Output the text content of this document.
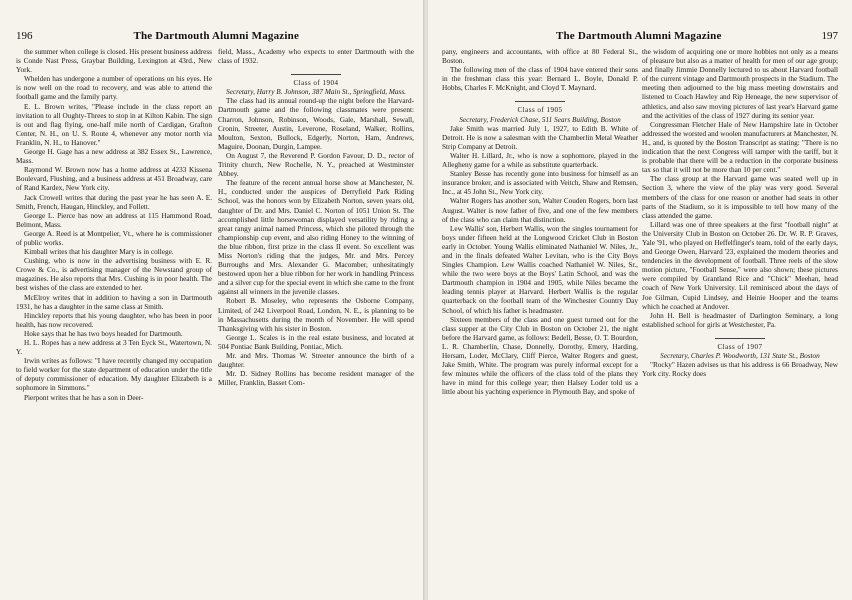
196	The Dartmouth Alumni Magazine

the summer when college is closed. His present business address is Conde Nast Press, Graybar Building, Lexington at 43rd., New York.

Whelden has undergone a number of operations on his eyes. He is now well on the road to recovery, and was able to attend the football game and the family party.

E. L. Brown writes, "Please include in the class report an invitation to all Oughty-Threes to stop in at Kilton Kabin. The sign is out and flag flying, one-half mile north of Cardigan, Grafton Center, N. H., on U. S. Route 4, whenever any motor north via Franklin, N. H., to Hanover."

George H. Gage has a new address at 382 Essex St., Lawrence, Mass.

Raymond W. Brown now has a home address at 4233 Kissena Boulevard, Flushing, and a business address at 451 Broadway, care of Rand Kardex, New York city.

Jack Crowell writes that during the past year he has seen A. E. Smith, French, Haugan, Hinckley, and Follett.

George L. Pierce has now an address at 115 Hammond Road, Belmont, Mass.

George A. Reed is at Montpelier, Vt., where he is commissioner of public works.

Kimball writes that his daughter Mary is in college.

Cushing, who is now in the advertising business with E. R. Crowe & Co., is advertising manager of the Newstand group of magazines. He also reports that Mrs. Cushing is in poor health. The best wishes of the class are extended to her.

McElroy writes that in addition to having a son in Dartmouth 1931, he has a daughter in the same class at Smith.

Hinckley reports that his young daughter, who has been in poor health, has now recovered.

Hoke says that he has two boys headed for Dartmouth.

H. L. Ropes has a new address at 3 Ten Eyck St., Watertown, N. Y.

Irwin writes as follows: "I have recently changed my occupation to field worker for the state department of education under the title of deputy commissioner of education. My daughter Elizabeth is a sophomore in Simmons."

Pierpont writes that he has a son in Deer-

field, Mass., Academy who expects to enter Dartmouth with the class of 1932.

Class of 1904

Secretary, Harry B. Johnson, 387 Main St., Springfield, Mass.

The class had its annual round-up the night before the Harvard-Dartmouth game and the following classmates were present: Charron, Johnson, Robinson, Woods, Gale, Marshall, Sewall, Cronin, Streeter, Austin, Leverone, Roseland, Walker, Rollins, Moulton, Sexton, Bullock, Edgerly, Norton, Ham, Andrews, Maguire, Doonan, Durgin, Lampee.

On August 7, the Reverend P. Gordon Favour, D. D., rector of Trinity church, New Rochelle, N. Y., preached at Westminster Abbey.

The feature of the recent annual horse show at Manchester, N. H., conducted under the auspices of Derryfield Park Riding School, was the honors won by Elizabeth Norton, seven years old, daughter of Dr. and Mrs. Daniel C. Norton of 1051 Union St. The accomplished little horsewoman displayed versatility by riding a great rangy animal named Princess, which she piloted through the championship cup event, and also riding Honey to the winning of the blue ribbon, first prize in the class II event. So excellent was Miss Norton's riding that the judges, Mr. and Mrs. Percey Burroughs and Mrs. Alexander G. Macomber, unhesitatingly bestowed upon her a blue ribbon for her work in handling Princess and a silver cup for the special event in which she came to the front against all winners in the juvenile classes.

Robert B. Moseley, who represents the Osborne Company, Limited, of 242 Liverpool Road, London, N. E., is planning to be in Massachusetts during the month of November. He will spend Thanksgiving with his sister in Boston.

George L. Scales is in the real estate business, and located at 504 Pontiac Bank Building, Pontiac, Mich.

Mr. and Mrs. Thomas W. Streeter announce the birth of a daughter.

Mr. D. Sidney Rollins has become resident manager of the Miller, Franklin, Basset Com-

The Dartmouth Alumni Magazine	197

pany, engineers and accountants, with office at 80 Federal St., Boston.

The following men of the class of 1904 have entered their sons in the freshman class this year: Bernard L. Boyle, Donald P. Hobbs, Charles F. McKnight, and Cloyd T. Maynard.

Class of 1905

Secretary, Frederick Chase, 511 Sears Building, Boston

Jake Smith was married July 1, 1927, to Edith B. White of Detroit. He is now a salesman with the Chamberlin Metal Weather Strip Company at Detroit.

Walter H. Lillard, Jr., who is now a sophomore, played in the Allegheny game for a while as substitute quarterback.

Stanley Besse has recently gone into business for himself as an insurance broker, and is associated with Veitch, Shaw and Remsen, Inc., at 45 John St., New York city.

Walter Rogers has another son, Walter Couden Rogers, born last August. Walter is now father of five, and one of the few members of the class who can claim that distinction.

Lew Wallis' son, Herbert Wallis, won the singles tournament for boys under fifteen held at the Longwood Cricket Club in Boston early in October. Young Wallis eliminated Nathaniel W. Niles, Jr., and in the finals defeated Walter Levitan, who is the City Boys Singles Champion. Lew Wallis coached Nathaniel W. Niles, Sr., while the two were boys at the Boys' Latin School, and was the Dartmouth champion in 1904 and 1905, while Niles became the leading tennis player at Harvard. Herbert Wallis is the regular quarterback on the football team of the Winchester Country Day School, of which his father is headmaster.

Sixteen members of the class and one guest turned out for the class supper at the City Club in Boston on October 21, the night before the Harvard game, as follows: Bedell, Besse, O. T. Bourdon, L. R. Chamberlin, Chase, Donnelly, Dorothy, Emery, Harding, Hersam, Loder, McClary, Cliff Pierce, Walter Rogers and guest, Jake Smith, White. The program was purely informal except for a few minutes while the officers of the class told of the plans they have in mind for this college year; then Halsey Loder told us a little about his yachting experience in Plymouth Bay, and spoke of

the wisdom of acquiring one or more hobbies not only as a means of pleasure but also as a matter of health for men of our age group; and finally Jimmie Donnelly lectured to us about Harvard football of the current vintage and Dartmouth prospects in the Stadium. The meeting then adjourned to the big mass meeting downstairs and listened to Coach Hawley and Rip Heneage, the new supervisor of athletics, and also saw moving pictures of last year's Harvard game and the activities of the class of 1927 during its senior year.

Congressman Fletcher Hale of New Hampshire late in October addressed the worsted and woolen manufacturers at Manchester, N. H., and, is quoted by the Boston Transcript as stating: "There is no indication that the next Congress will tamper with the tariff, but it is probable that there will be a reduction in the corporate business tax so that it will not be more than 10 per cent."

The class group at the Harvard game was seated well up in Section 3, where the view of the play was very good. Several members of the class for one reason or another had seats in other parts of the Stadium, so it is impossible to tell how many of the class attended the game.

Lillard was one of three speakers at the first "football night" at the University Club in Boston on October 26. Dr. W. R. P. Graves, Yale '91, who played on Heffelfinger's team, told of the early days, and George Owen, Harvard '23, explained the modern theories and tendencies in the development of football. Three reels of the slow motion picture, "Football Sense," were also shown; these pictures were compiled by Grantland Rice and "Chick" Meehan, head coach of New York University. Lil reminisced about the days of Joe Gilman, Cupid Lindsey, and Heinie Hooper and the teams which he coached at Andover.

John H. Bell is headmaster of Darlington Seminary, a long established school for girls at Westchester, Pa.

Class of 1907

Secretary, Charles P. Woodworth, 131 State St., Boston

"Rocky" Hazen advises us that his address is 66 Broadway, New York city. Rocky does
